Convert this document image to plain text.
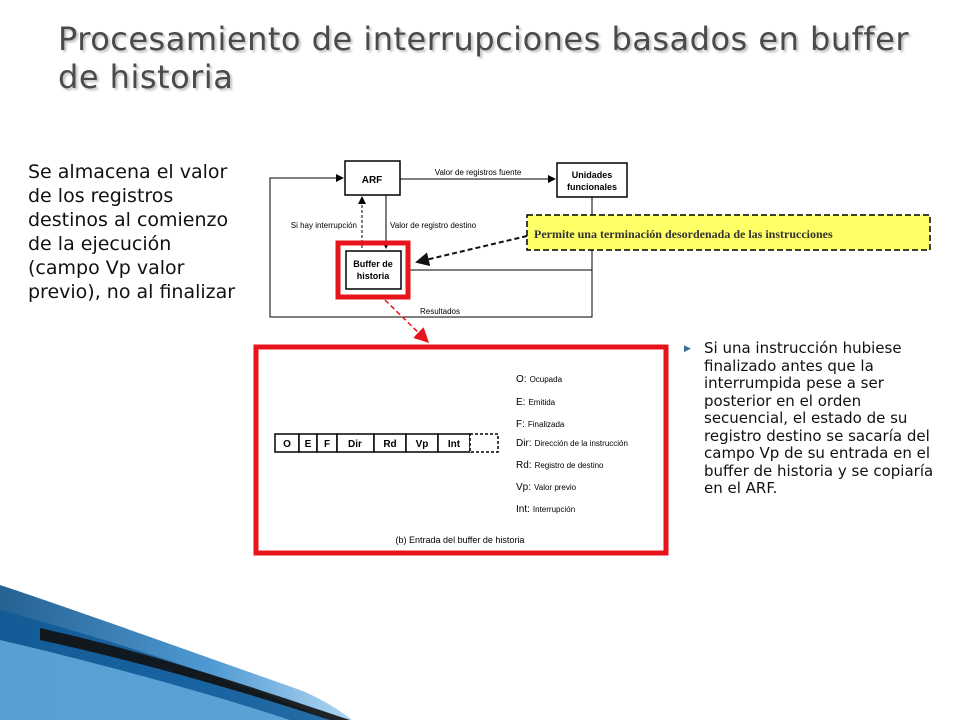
Procesamiento de interrupciones basados en buffer de historia
Se almacena el valor de los registros destinos al comienzo de la ejecución (campo Vp valor previo), no al finalizar
▶ Si una instrucción hubiese finalizado antes que la interrumpida pese a ser posterior en el orden secuencial, el estado de su registro destino se sacaría del campo Vp de su entrada en el buffer de historia y se copiaría en el ARF.
ARF	Unidades
funcionales
Valor de registros fuente
Resultados
Valor de registro destino
Si hay interrupción
Buffer de
historia
Permite una terminación desordenada de las instrucciones
O E F Dir Rd Vp Int
O: Ocupada
E: Emitida
F: Finalizada
Dir: Dirección de la instrucción
Rd: Registro de destino
Vp: Valor previo
Int: Interrupción
(b) Entrada del buffer de historia
